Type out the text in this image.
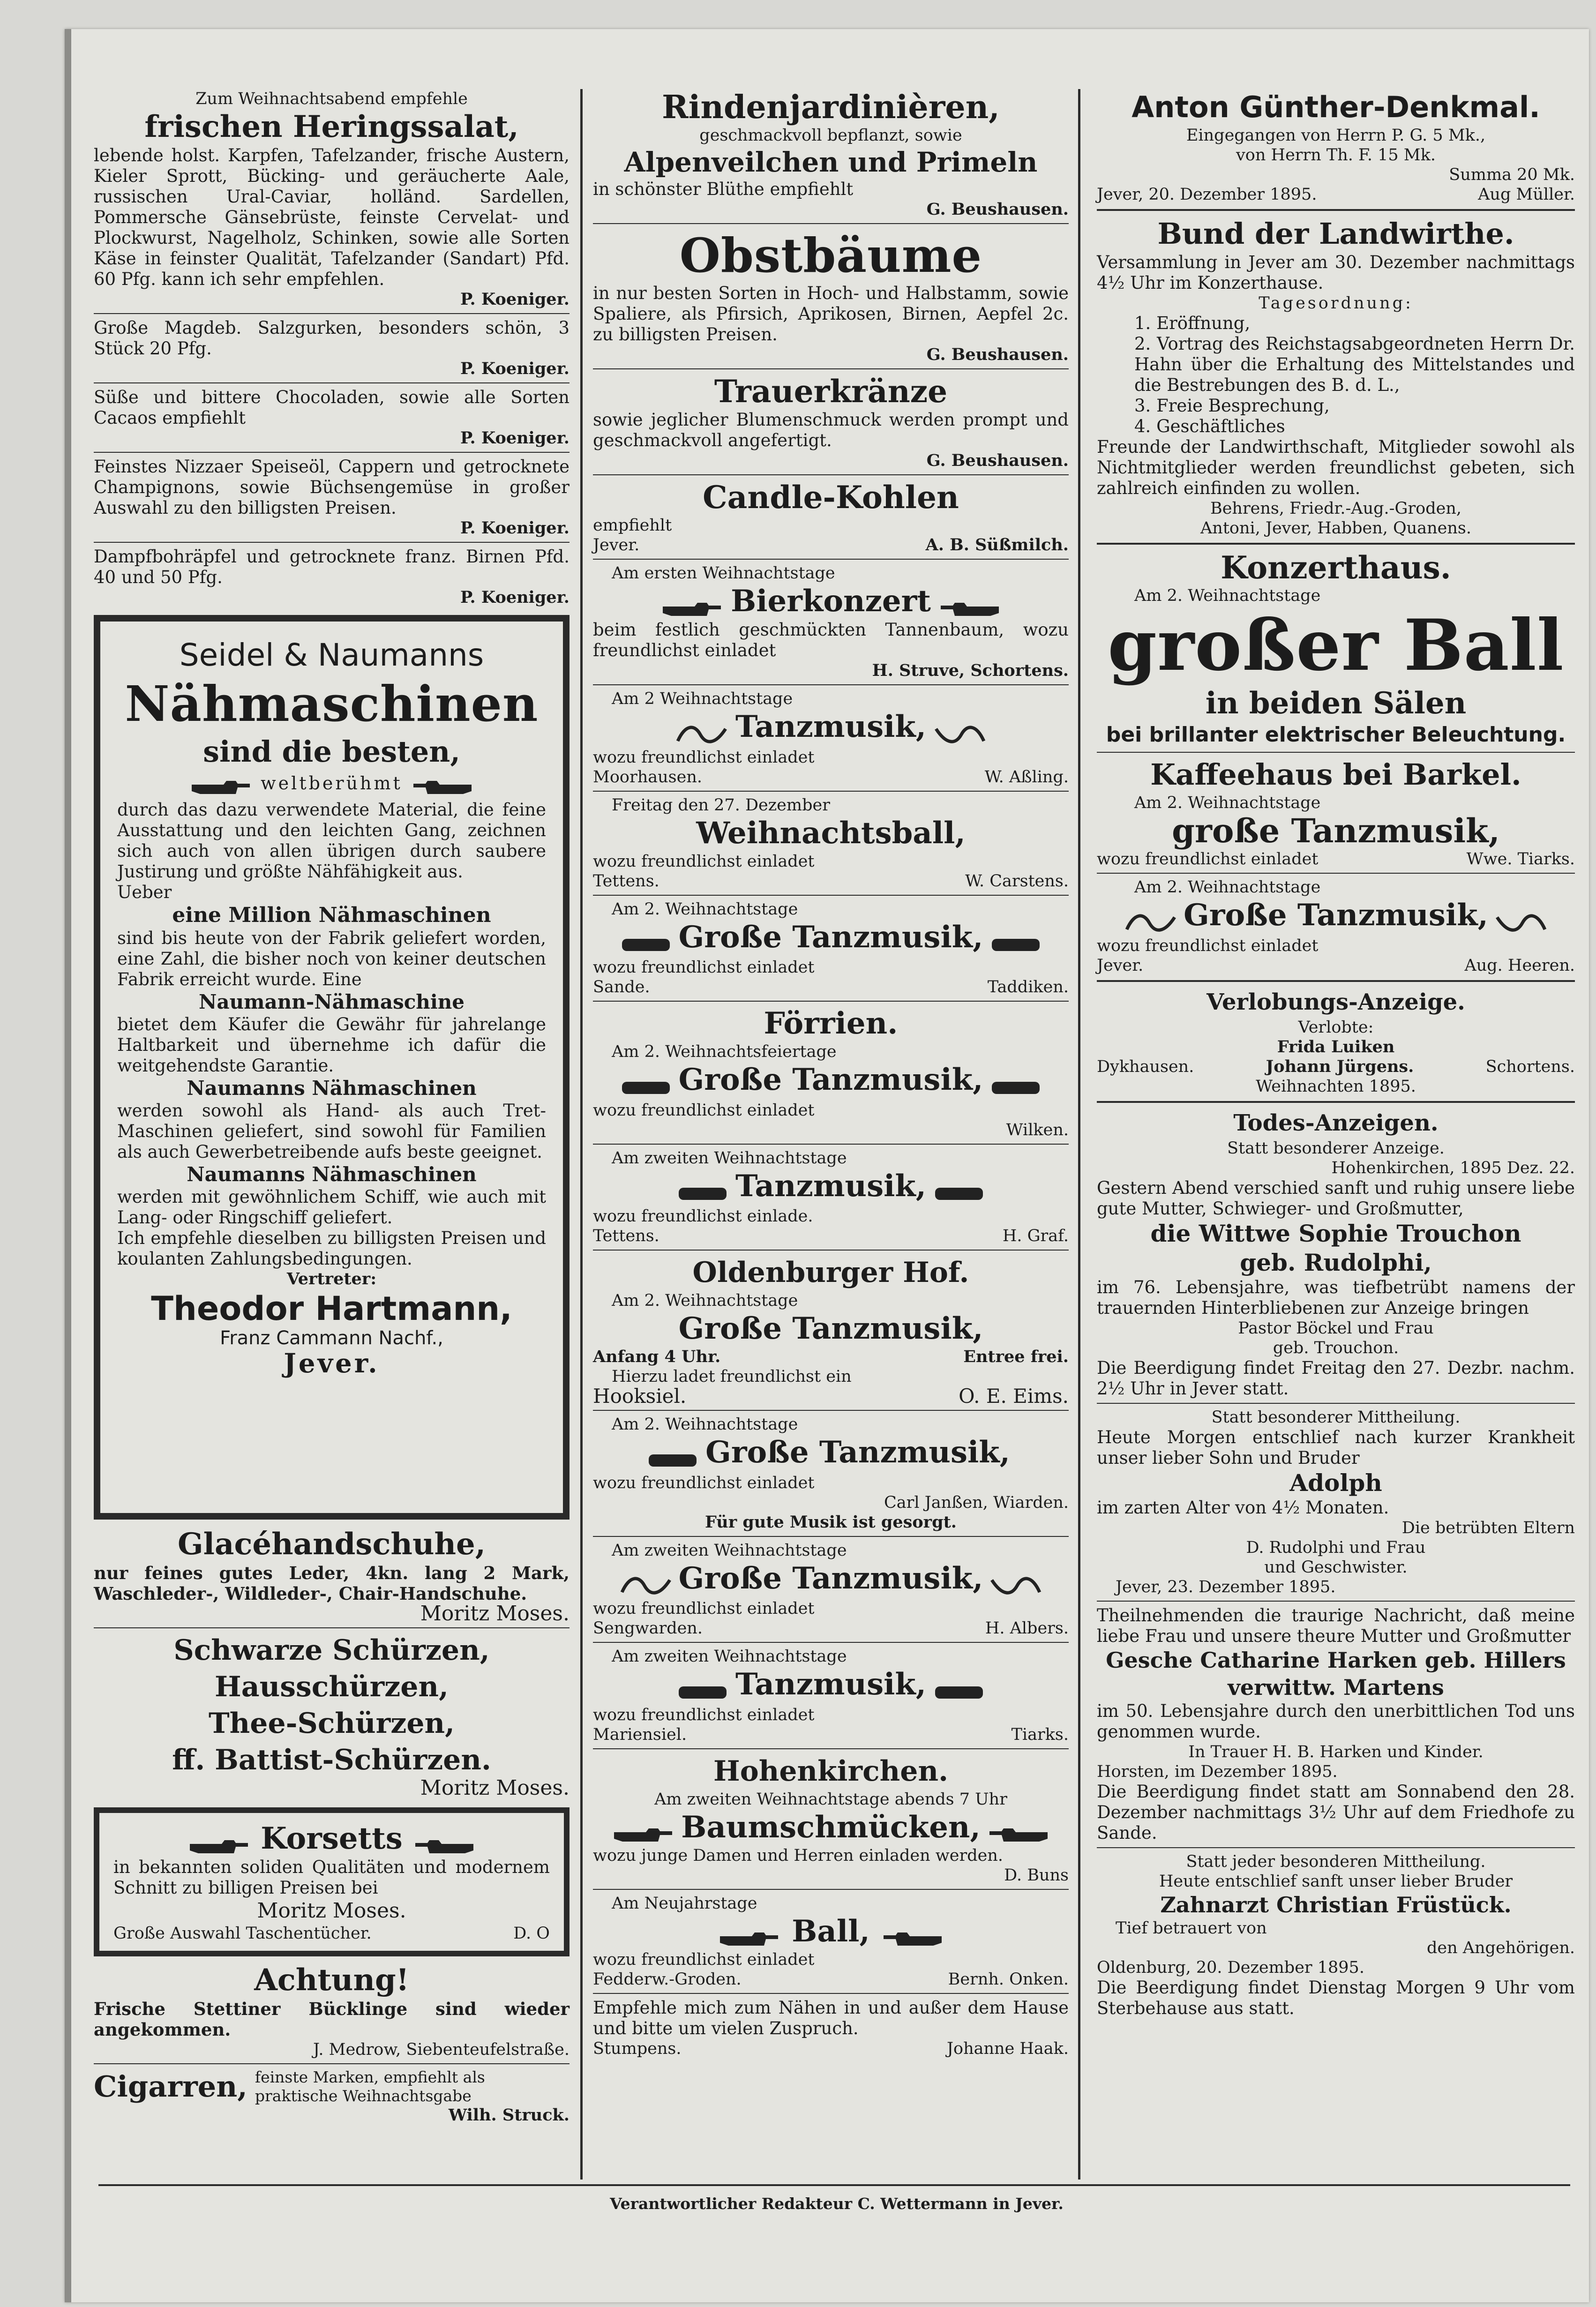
Zum Weihnachtsabend empfehle

frischen Heringssalat,

lebende holst. Karpfen, Tafelzander, frische Austern, Kieler Sprott, Bücking- und geräucherte Aale, russischen Ural-Caviar, holländ. Sardellen, Pommersche Gänsebrüste, feinste Cervelat- und Plockwurst, Nagelholz, Schinken, sowie alle Sorten Käse in feinster Qualität, Tafelzander (Sandart) Pfd. 60 Pfg. kann ich sehr empfehlen.

P. Koeniger.

Große Magdeb. Salzgurken, besonders schön, 3 Stück 20 Pfg.

P. Koeniger.

Süße und bittere Chocoladen, sowie alle Sorten Cacaos empfiehlt

P. Koeniger.

Feinstes Nizzaer Speiseöl, Cappern und getrocknete Champignons, sowie Büchsengemüse in großer Auswahl zu den billigsten Preisen.

P. Koeniger.

Dampfbohräpfel und getrocknete franz. Birnen Pfd. 40 und 50 Pfg.

P. Koeniger.

Seidel & Naumanns

Nähmaschinen

sind die besten,

weltberühmt

durch das dazu verwendete Material, die feine Ausstattung und den leichten Gang, zeichnen sich auch von allen übrigen durch saubere Justirung und größte Nähfähigkeit aus.

Ueber

eine Million Nähmaschinen

sind bis heute von der Fabrik geliefert worden, eine Zahl, die bisher noch von keiner deutschen Fabrik erreicht wurde. Eine

Naumann-Nähmaschine

bietet dem Käufer die Gewähr für jahrelange Haltbarkeit und übernehme ich dafür die weitgehendste Garantie.

Naumanns Nähmaschinen

werden sowohl als Hand- als auch Tret-Maschinen geliefert, sind sowohl für Familien als auch Gewerbetreibende aufs beste geeignet.

Naumanns Nähmaschinen

werden mit gewöhnlichem Schiff, wie auch mit Lang- oder Ringschiff geliefert.

Ich empfehle dieselben zu billigsten Preisen und koulanten Zahlungsbedingungen.

Vertreter:

Theodor Hartmann,

Franz Cammann Nachf.,

Jever.

Glacéhandschuhe,

nur feines gutes Leder, 4kn. lang 2 Mark, Waschleder-, Wildleder-, Chair-Handschuhe.

Moritz Moses.

Schwarze Schürzen,

Hausschürzen,

Thee-Schürzen,

ff. Battist-Schürzen.

Moritz Moses.

Korsetts

in bekannten soliden Qualitäten und modernem Schnitt zu billigen Preisen bei

Moritz Moses.

Große Auswahl Taschentücher.	D. O

Achtung!

Frische Stettiner Bücklinge sind wieder angekommen.

J. Medrow, Siebenteufelstraße.

Cigarren, feinste Marken, empfiehlt als praktische Weihnachtsgabe

Wilh. Struck.

Rindenjardinièren,

geschmackvoll bepflanzt, sowie

Alpenveilchen und Primeln

in schönster Blüthe empfiehlt

G. Beushausen.

Obstbäume

in nur besten Sorten in Hoch- und Halbstamm, sowie Spaliere, als Pfirsich, Aprikosen, Birnen, Aepfel 2c. zu billigsten Preisen.

G. Beushausen.

Trauerkränze

sowie jeglicher Blumenschmuck werden prompt und geschmackvoll angefertigt.

G. Beushausen.

Candle-Kohlen

empfiehlt

Jever.	A. B. Süßmilch.

Am ersten Weihnachtstage

Bierkonzert

beim festlich geschmückten Tannenbaum, wozu freundlichst einladet

H. Struve, Schortens.

Am 2 Weihnachtstage

Tanzmusik,

wozu freundlichst einladet

Moorhausen.	W. Aßling.

Freitag den 27. Dezember

Weihnachtsball,

wozu freundlichst einladet

Tettens.	W. Carstens.

Am 2. Weihnachtstage

Große Tanzmusik,

wozu freundlichst einladet

Sande.	Taddiken.

Förrien.

Am 2. Weihnachtsfeiertage

Große Tanzmusik,

wozu freundlichst einladet

Wilken.

Am zweiten Weihnachtstage

Tanzmusik,

wozu freundlichst einlade.

Tettens.	H. Graf.

Oldenburger Hof.

Am 2. Weihnachtstage

Große Tanzmusik,

Anfang 4 Uhr.	Entree frei.

Hierzu ladet freundlichst ein

Hooksiel.	O. E. Eims.

Am 2. Weihnachtstage

Große Tanzmusik,

wozu freundlichst einladet

Carl Janßen, Wiarden.

Für gute Musik ist gesorgt.

Am zweiten Weihnachtstage

Große Tanzmusik,

wozu freundlichst einladet

Sengwarden.	H. Albers.

Am zweiten Weihnachtstage

Tanzmusik,

wozu freundlichst einladet

Mariensiel.	Tiarks.

Hohenkirchen.

Am zweiten Weihnachtstage abends 7 Uhr

Baumschmücken,

wozu junge Damen und Herren einladen werden.

D. Buns

Am Neujahrstage

Ball,

wozu freundlichst einladet

Fedderw.-Groden.	Bernh. Onken.

Empfehle mich zum Nähen in und außer dem Hause und bitte um vielen Zuspruch.

Stumpens.	Johanne Haak.

Anton Günther-Denkmal.

Eingegangen von Herrn P. G. 5 Mk.,

von Herrn Th. F. 15 Mk.

Summa 20 Mk.

Jever, 20. Dezember 1895.	Aug Müller.

Bund der Landwirthe.

Versammlung in Jever am 30. Dezember nachmittags 4½ Uhr im Konzerthause.

Tagesordnung:

1. Eröffnung,

2. Vortrag des Reichstagsabgeordneten Herrn Dr. Hahn über die Erhaltung des Mittelstandes und die Bestrebungen des B. d. L.,

3. Freie Besprechung,

4. Geschäftliches

Freunde der Landwirthschaft, Mitglieder sowohl als Nichtmitglieder werden freundlichst gebeten, sich zahlreich einfinden zu wollen.

Behrens, Friedr.-Aug.-Groden,

Antoni, Jever, Habben, Quanens.

Konzerthaus.

Am 2. Weihnachtstage

großer Ball

in beiden Sälen

bei brillanter elektrischer Beleuchtung.

Kaffeehaus bei Barkel.

Am 2. Weihnachtstage

große Tanzmusik,

wozu freundlichst einladet	Wwe. Tiarks.

Am 2. Weihnachtstage

Große Tanzmusik,

wozu freundlichst einladet

Jever.	Aug. Heeren.

Verlobungs-Anzeige.

Verlobte:

Frida Luiken

Dykhausen.	Johann Jürgens.	Schortens.

Weihnachten 1895.

Todes-Anzeigen.

Statt besonderer Anzeige.

Hohenkirchen, 1895 Dez. 22.

Gestern Abend verschied sanft und ruhig unsere liebe gute Mutter, Schwieger- und Großmutter,

die Wittwe Sophie Trouchon

geb. Rudolphi,

im 76. Lebensjahre, was tiefbetrübt namens der trauernden Hinterbliebenen zur Anzeige bringen

Pastor Böckel und Frau

geb. Trouchon.

Die Beerdigung findet Freitag den 27. Dezbr. nachm. 2½ Uhr in Jever statt.

Statt besonderer Mittheilung.

Heute Morgen entschlief nach kurzer Krankheit unser lieber Sohn und Bruder

Adolph

im zarten Alter von 4½ Monaten.

Die betrübten Eltern

D. Rudolphi und Frau

und Geschwister.

Jever, 23. Dezember 1895.

Theilnehmenden die traurige Nachricht, daß meine liebe Frau und unsere theure Mutter und Großmutter

Gesche Catharine Harken geb. Hillers

verwittw. Martens

im 50. Lebensjahre durch den unerbittlichen Tod uns genommen wurde.

In Trauer H. B. Harken und Kinder.

Horsten, im Dezember 1895.

Die Beerdigung findet statt am Sonnabend den 28. Dezember nachmittags 3½ Uhr auf dem Friedhofe zu Sande.

Statt jeder besonderen Mittheilung.

Heute entschlief sanft unser lieber Bruder

Zahnarzt Christian Früstück.

Tief betrauert von

den Angehörigen.

Oldenburg, 20. Dezember 1895.

Die Beerdigung findet Dienstag Morgen 9 Uhr vom Sterbehause aus statt.

Verantwortlicher Redakteur C. Wettermann in Jever.
